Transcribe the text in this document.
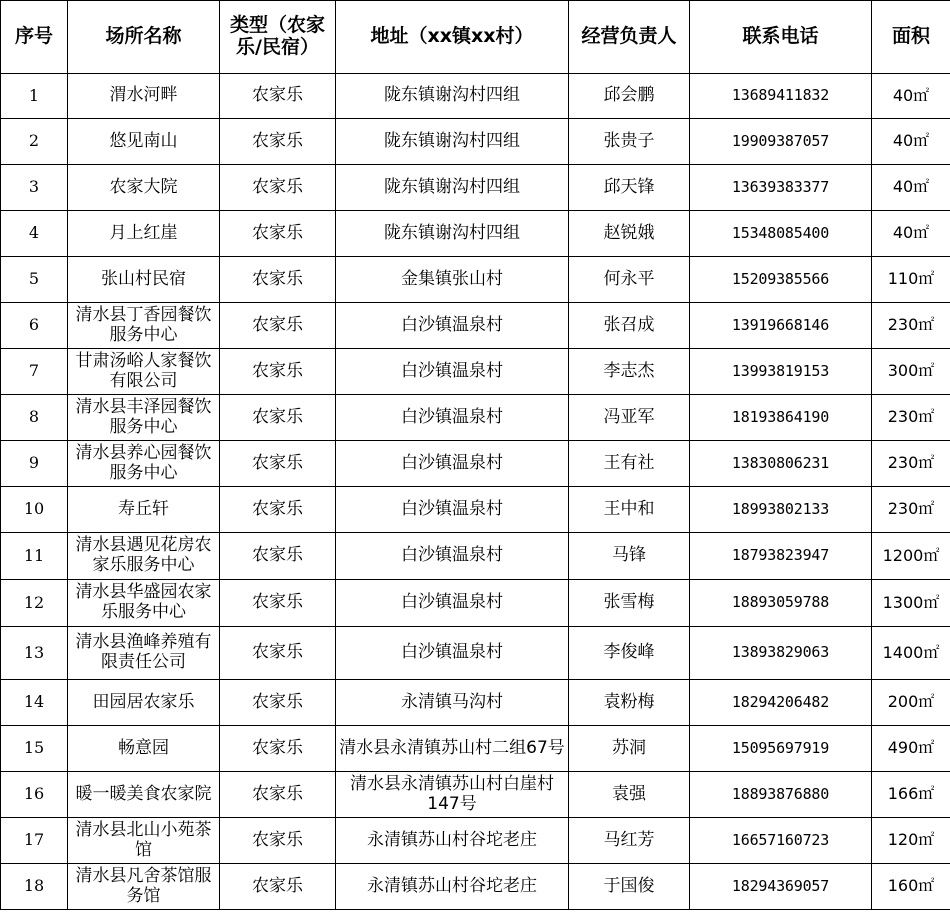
序号	场所名称	类型（农家乐/民宿）	地址（xx镇xx村）	经营负责人	联系电话	面积
1	渭水河畔	农家乐	陇东镇谢沟村四组	邱会鹏	13689411832	40㎡
2	悠见南山	农家乐	陇东镇谢沟村四组	张贵子	19909387057	40㎡
3	农家大院	农家乐	陇东镇谢沟村四组	邱天锋	13639383377	40㎡
4	月上红崖	农家乐	陇东镇谢沟村四组	赵锐娥	15348085400	40㎡
5	张山村民宿	农家乐	金集镇张山村	何永平	15209385566	110㎡
6	清水县丁香园餐饮服务中心	农家乐	白沙镇温泉村	张召成	13919668146	230㎡
7	甘肃汤峪人家餐饮有限公司	农家乐	白沙镇温泉村	李志杰	13993819153	300㎡
8	清水县丰泽园餐饮服务中心	农家乐	白沙镇温泉村	冯亚军	18193864190	230㎡
9	清水县养心园餐饮服务中心	农家乐	白沙镇温泉村	王有社	13830806231	230㎡
10	寿丘轩	农家乐	白沙镇温泉村	王中和	18993802133	230㎡
11	清水县遇见花房农家乐服务中心	农家乐	白沙镇温泉村	马锋	18793823947	1200㎡
12	清水县华盛园农家乐服务中心	农家乐	白沙镇温泉村	张雪梅	18893059788	1300㎡
13	清水县渔峰养殖有限责任公司	农家乐	白沙镇温泉村	李俊峰	13893829063	1400㎡
14	田园居农家乐	农家乐	永清镇马沟村	袁粉梅	18294206482	200㎡
15	畅意园	农家乐	清水县永清镇苏山村二组67号	苏洞	15095697919	490㎡
16	暖一暖美食农家院	农家乐	清水县永清镇苏山村白崖村147号	袁强	18893876880	166㎡
17	清水县北山小苑茶馆	农家乐	永清镇苏山村谷坨老庄	马红芳	16657160723	120㎡
18	清水县凡舍茶馆服务馆	农家乐	永清镇苏山村谷坨老庄	于国俊	18294369057	160㎡
